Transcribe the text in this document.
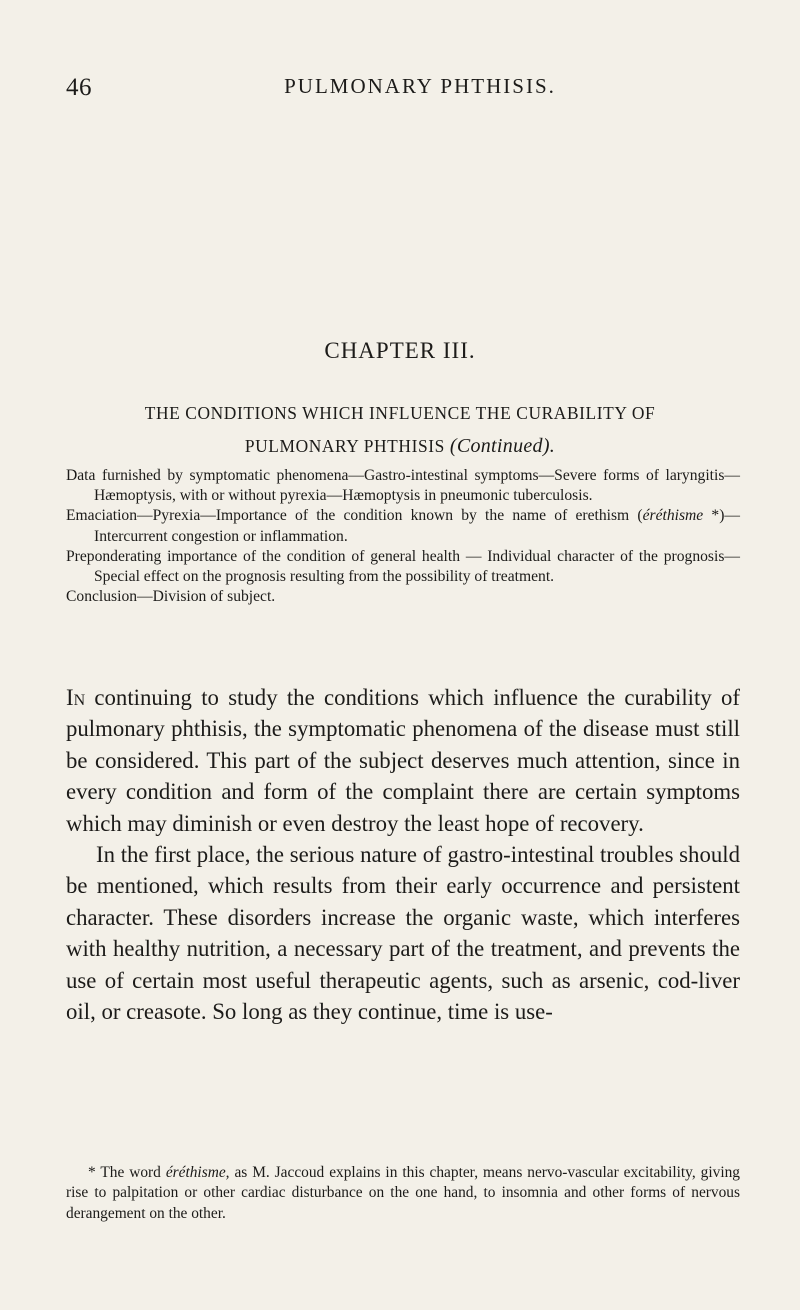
46	PULMONARY PHTHISIS.
CHAPTER III.
THE CONDITIONS WHICH INFLUENCE THE CURABILITY OF
PULMONARY PHTHISIS (Continued).

Data furnished by symptomatic phenomena—Gastro-intestinal symptoms—Severe forms of laryngitis—Hæmoptysis, with or without pyrexia—Hæmoptysis in pneumonic tuberculosis.

Emaciation—Pyrexia—Importance of the condition known by the name of erethism (éréthisme *)—Intercurrent congestion or inflammation.

Preponderating importance of the condition of general health — Individual character of the prognosis—Special effect on the prognosis resulting from the possibility of treatment.

Conclusion—Division of subject.

In continuing to study the conditions which influence the curability of pulmonary phthisis, the symptomatic phenomena of the disease must still be considered. This part of the subject deserves much attention, since in every condition and form of the complaint there are certain symptoms which may diminish or even destroy the least hope of recovery.

In the first place, the serious nature of gastro-intestinal troubles should be mentioned, which results from their early occurrence and persistent character. These disorders increase the organic waste, which interferes with healthy nutrition, a necessary part of the treatment, and prevents the use of certain most useful therapeutic agents, such as arsenic, cod-liver oil, or creasote. So long as they continue, time is use-

* The word éréthisme, as M. Jaccoud explains in this chapter, means nervo-vascular excitability, giving rise to palpitation or other cardiac disturbance on the one hand, to insomnia and other forms of nervous derangement on the other.
